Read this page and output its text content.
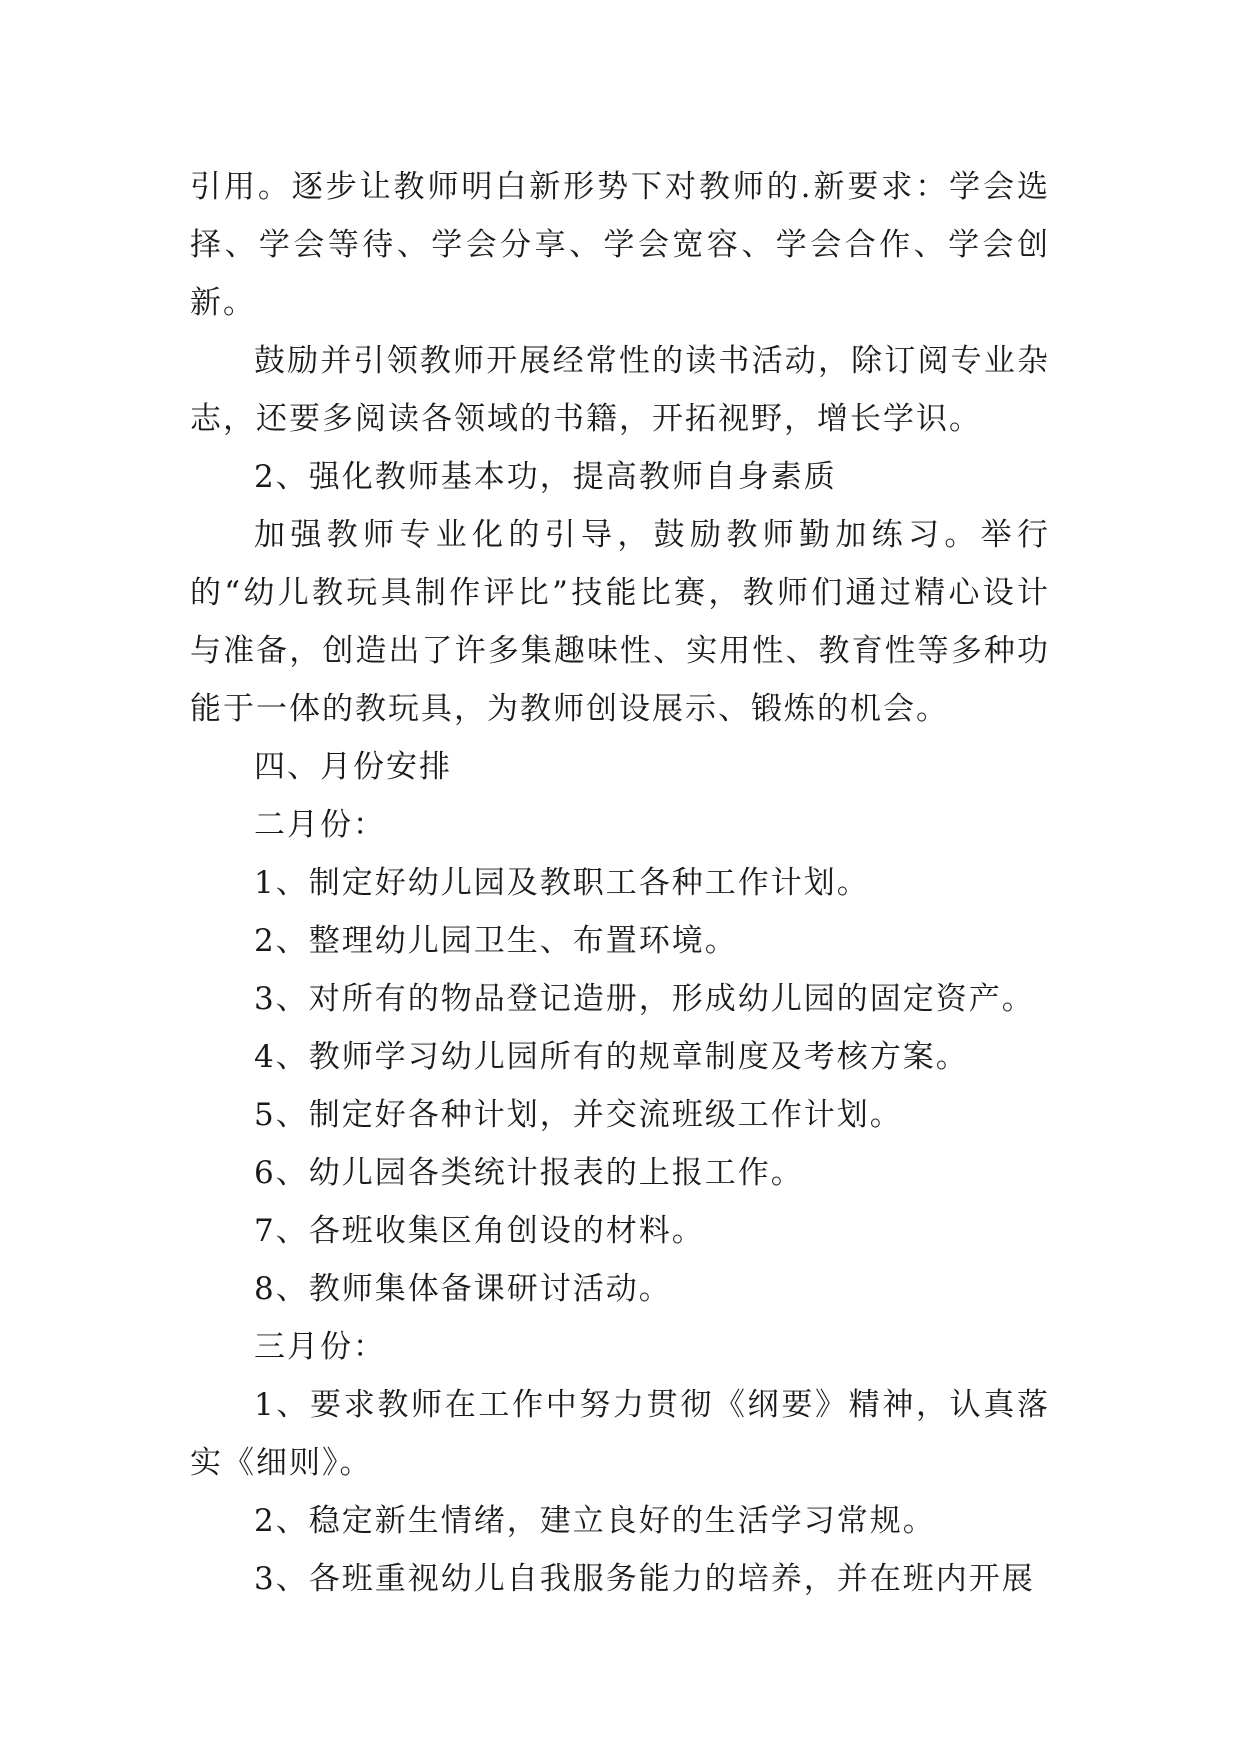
引用。逐步让教师明白新形势下对教师的.新要求：学会选择、学会等待、学会分享、学会宽容、学会合作、学会创新。

鼓励并引领教师开展经常性的读书活动，除订阅专业杂志，还要多阅读各领域的书籍，开拓视野，增长学识。

2、强化教师基本功，提高教师自身素质

加强教师专业化的引导，鼓励教师勤加练习。举行的“幼儿教玩具制作评比”技能比赛，教师们通过精心设计与准备，创造出了许多集趣味性、实用性、教育性等多种功能于一体的教玩具，为教师创设展示、锻炼的机会。

四、月份安排

二月份：

1、制定好幼儿园及教职工各种工作计划。

2、整理幼儿园卫生、布置环境。

3、对所有的物品登记造册，形成幼儿园的固定资产。

4、教师学习幼儿园所有的规章制度及考核方案。

5、制定好各种计划，并交流班级工作计划。

6、幼儿园各类统计报表的上报工作。

7、各班收集区角创设的材料。

8、教师集体备课研讨活动。

三月份：

1、要求教师在工作中努力贯彻《纲要》精神，认真落实《细则》。

2、稳定新生情绪，建立良好的生活学习常规。

3、各班重视幼儿自我服务能力的培养，并在班内开展
